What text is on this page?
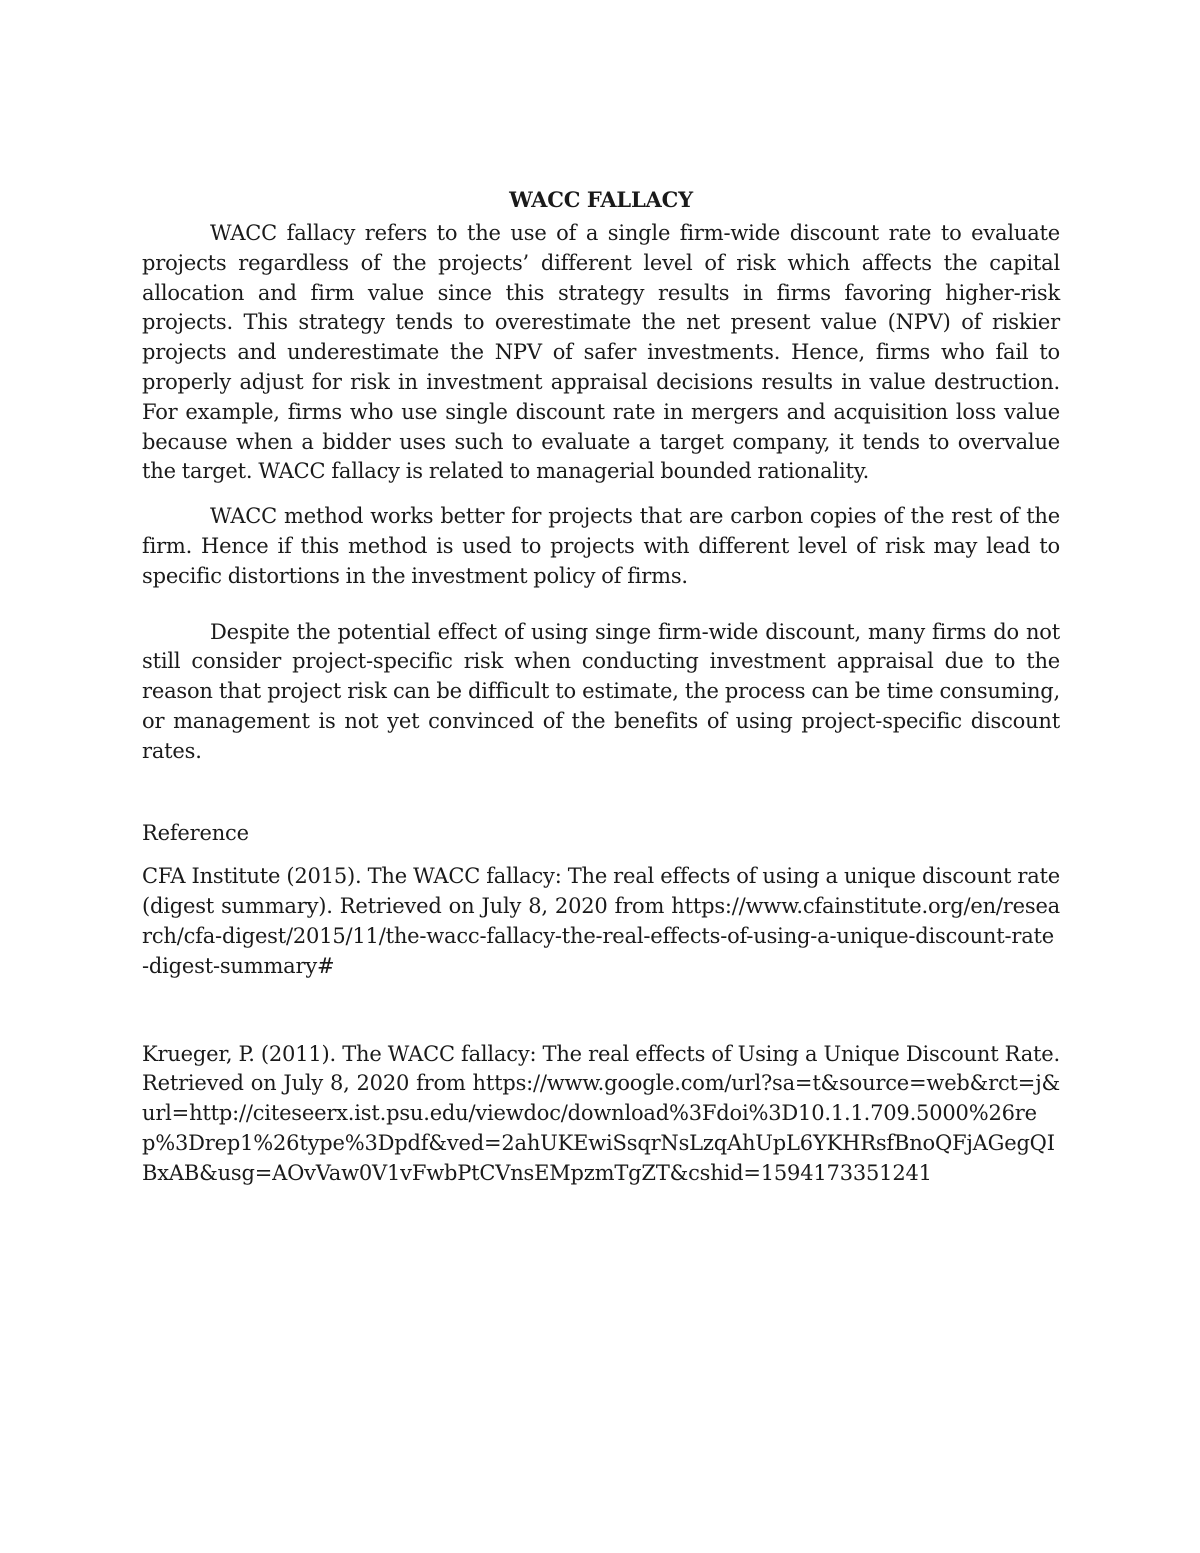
WACC FALLACY

WACC fallacy refers to the use of a single firm-wide discount rate to evaluate projects regardless of the projects’ different level of risk which affects the capital allocation and firm value since this strategy results in firms favoring higher-risk projects. This strategy tends to overestimate the net present value (NPV) of riskier projects and underestimate the NPV of safer investments. Hence, firms who fail to properly adjust for risk in investment appraisal decisions results in value destruction. For example, firms who use single discount rate in mergers and acquisition loss value because when a bidder uses such to evaluate a target company, it tends to overvalue the target. WACC fallacy is related to managerial bounded rationality.

WACC method works better for projects that are carbon copies of the rest of the firm. Hence if this method is used to projects with different level of risk may lead to specific distortions in the investment policy of firms.

Despite the potential effect of using singe firm-wide discount, many firms do not still consider project-specific risk when conducting investment appraisal due to the reason that project risk can be difficult to estimate, the process can be time consuming, or management is not yet convinced of the benefits of using project-specific discount rates.

Reference

CFA Institute (2015). The WACC fallacy: The real effects of using a unique discount rate (digest summary). Retrieved on July 8, 2020 from https://www.cfainstitute.org/en/research/cfa-digest/2015/11/the-wacc-fallacy-the-real-effects-of-using-a-unique-discount-rate-digest-summary#

Krueger, P. (2011). The WACC fallacy: The real effects of Using a Unique Discount Rate. Retrieved on July 8, 2020 from https://www.google.com/url?sa=t&source=web&rct=j&url=http://citeseerx.ist.psu.edu/viewdoc/download%3Fdoi%3D10.1.1.709.5000%26rep%3Drep1%26type%3Dpdf&ved=2ahUKEwiSsqrNsLzqAhUpL6YKHRsfBnoQFjAGegQIBxAB&usg=AOvVaw0V1vFwbPtCVnsEMpzmTgZT&cshid=1594173351241
